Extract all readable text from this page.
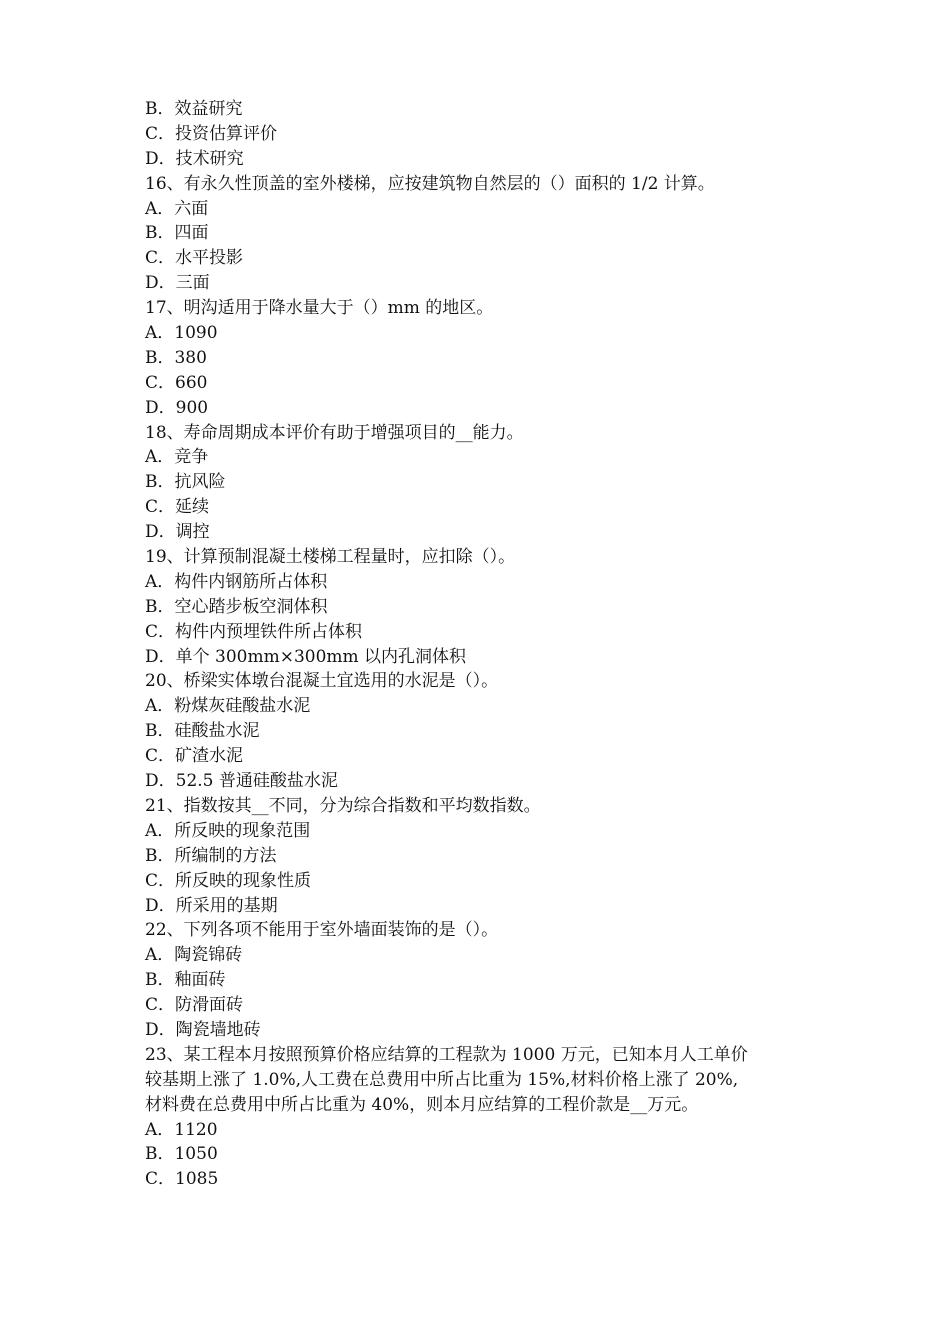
B．效益研究
C．投资估算评价
D．技术研究
16、有永久性顶盖的室外楼梯，应按建筑物自然层的（）面积的 1/2 计算。
A．六面
B．四面
C．水平投影
D．三面
17、明沟适用于降水量大于（）mm 的地区。
A．1090
B．380
C．660
D．900
18、寿命周期成本评价有助于增强项目的__能力。
A．竞争
B．抗风险
C．延续
D．调控
19、计算预制混凝土楼梯工程量时，应扣除（）。
A．构件内钢筋所占体积
B．空心踏步板空洞体积
C．构件内预埋铁件所占体积
D．单个 300mm×300mm 以内孔洞体积
20、桥梁实体墩台混凝土宜选用的水泥是（）。
A．粉煤灰硅酸盐水泥
B．硅酸盐水泥
C．矿渣水泥
D．52.5 普通硅酸盐水泥
21、指数按其__不同，分为综合指数和平均数指数。
A．所反映的现象范围
B．所编制的方法
C．所反映的现象性质
D．所采用的基期
22、下列各项不能用于室外墙面装饰的是（）。
A．陶瓷锦砖
B．釉面砖
C．防滑面砖
D．陶瓷墙地砖
23、某工程本月按照预算价格应结算的工程款为 1000 万元，已知本月人工单价
较基期上涨了 1.0%,人工费在总费用中所占比重为 15%,材料价格上涨了 20%,
材料费在总费用中所占比重为 40%，则本月应结算的工程价款是__万元。
A．1120
B．1050
C．1085
